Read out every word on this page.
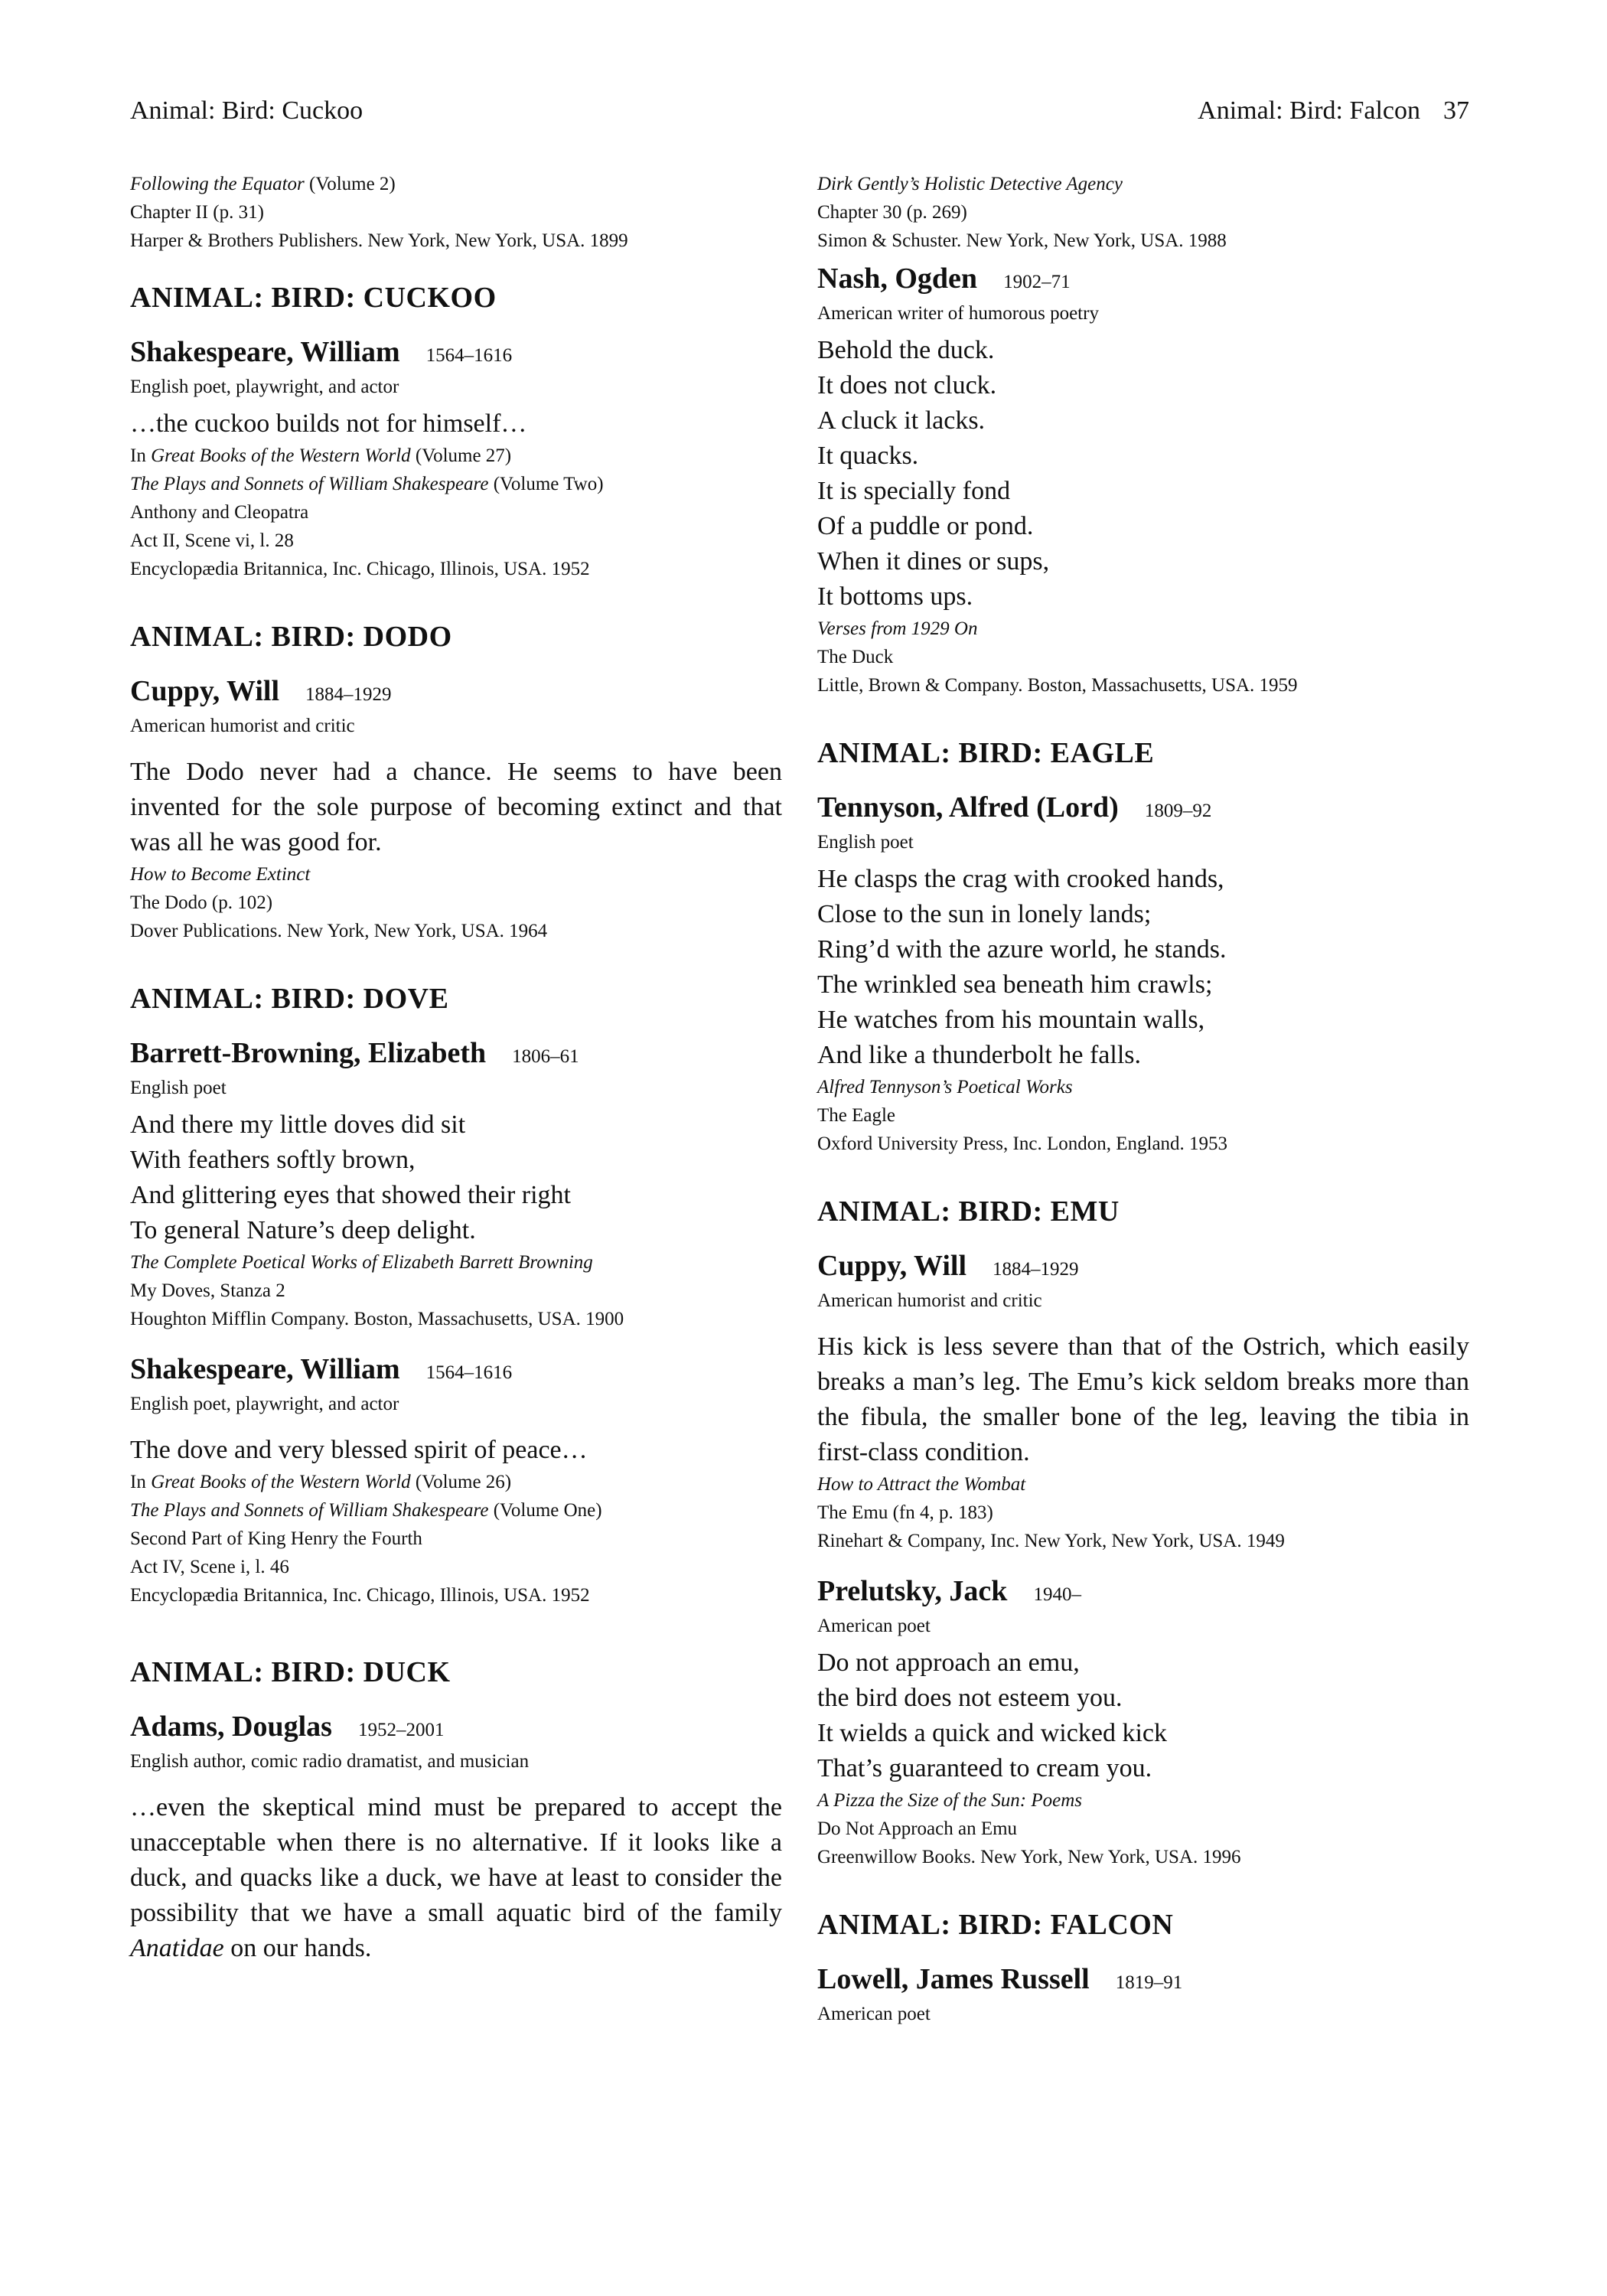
Animal: Bird: Cuckoo	Animal: Bird: Falcon 37
Following the Equator (Volume 2)
Chapter II (p. 31)
Harper & Brothers Publishers. New York, New York, USA. 1899
ANIMAL: BIRD: CUCKOO
Shakespeare, William 1564–1616
English poet, playwright, and actor
…the cuckoo builds not for himself…
In Great Books of the Western World (Volume 27)
The Plays and Sonnets of William Shakespeare (Volume Two)
Anthony and Cleopatra
Act II, Scene vi, l. 28
Encyclopædia Britannica, Inc. Chicago, Illinois, USA. 1952
ANIMAL: BIRD: DODO
Cuppy, Will 1884–1929
American humorist and critic
The Dodo never had a chance. He seems to have been invented for the sole purpose of becoming extinct and that was all he was good for.
How to Become Extinct
The Dodo (p. 102)
Dover Publications. New York, New York, USA. 1964
ANIMAL: BIRD: DOVE
Barrett-Browning, Elizabeth 1806–61
English poet
And there my little doves did sit
With feathers softly brown,
And glittering eyes that showed their right
To general Nature’s deep delight.
The Complete Poetical Works of Elizabeth Barrett Browning
My Doves, Stanza 2
Houghton Mifflin Company. Boston, Massachusetts, USA. 1900
Shakespeare, William 1564–1616
English poet, playwright, and actor
The dove and very blessed spirit of peace…
In Great Books of the Western World (Volume 26)
The Plays and Sonnets of William Shakespeare (Volume One)
Second Part of King Henry the Fourth
Act IV, Scene i, l. 46
Encyclopædia Britannica, Inc. Chicago, Illinois, USA. 1952
ANIMAL: BIRD: DUCK
Adams, Douglas 1952–2001
English author, comic radio dramatist, and musician
…even the skeptical mind must be prepared to accept the unacceptable when there is no alternative. If it looks like a duck, and quacks like a duck, we have at least to consider the possibility that we have a small aquatic bird of the family Anatidae on our hands.
Dirk Gently’s Holistic Detective Agency
Chapter 30 (p. 269)
Simon & Schuster. New York, New York, USA. 1988
Nash, Ogden 1902–71
American writer of humorous poetry
Behold the duck.
It does not cluck.
A cluck it lacks.
It quacks.
It is specially fond
Of a puddle or pond.
When it dines or sups,
It bottoms ups.
Verses from 1929 On
The Duck
Little, Brown & Company. Boston, Massachusetts, USA. 1959
ANIMAL: BIRD: EAGLE
Tennyson, Alfred (Lord) 1809–92
English poet
He clasps the crag with crooked hands,
Close to the sun in lonely lands;
Ring’d with the azure world, he stands.
The wrinkled sea beneath him crawls;
He watches from his mountain walls,
And like a thunderbolt he falls.
Alfred Tennyson’s Poetical Works
The Eagle
Oxford University Press, Inc. London, England. 1953
ANIMAL: BIRD: EMU
Cuppy, Will 1884–1929
American humorist and critic
His kick is less severe than that of the Ostrich, which easily breaks a man’s leg. The Emu’s kick seldom breaks more than the fibula, the smaller bone of the leg, leaving the tibia in first-class condition.
How to Attract the Wombat
The Emu (fn 4, p. 183)
Rinehart & Company, Inc. New York, New York, USA. 1949
Prelutsky, Jack 1940–
American poet
Do not approach an emu,
the bird does not esteem you.
It wields a quick and wicked kick
That’s guaranteed to cream you.
A Pizza the Size of the Sun: Poems
Do Not Approach an Emu
Greenwillow Books. New York, New York, USA. 1996
ANIMAL: BIRD: FALCON
Lowell, James Russell 1819–91
American poet
